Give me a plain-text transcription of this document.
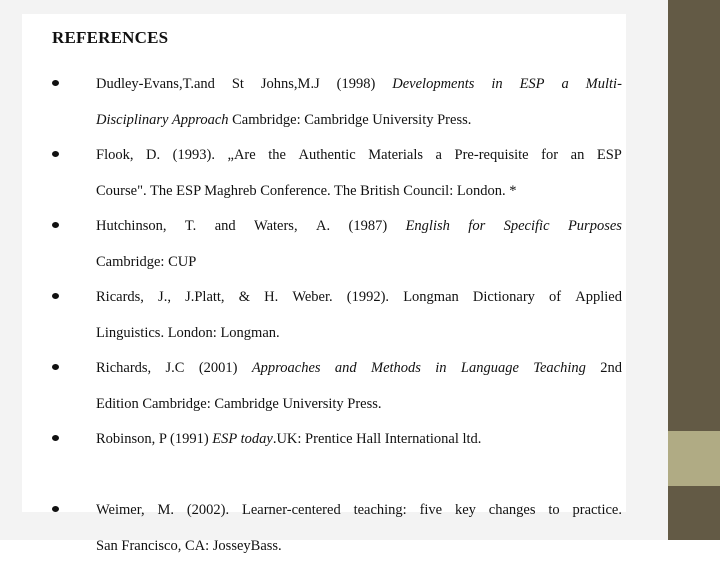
REFERENCES
Dudley-Evans,T.and St Johns,M.J (1998) Developments in ESP a Multi-
Disciplinary Approach Cambridge: Cambridge University Press.
Flook, D. (1993). „Are the Authentic Materials a Pre-requisite for an ESP
Course". The ESP Maghreb Conference. The British Council: London. *
Hutchinson, T. and Waters, A. (1987) English for Specific Purposes
Cambridge: CUP
Ricards, J., J.Platt, & H. Weber. (1992). Longman Dictionary of Applied
Linguistics. London: Longman.
Richards, J.C (2001) Approaches and Methods in Language Teaching 2nd
Edition Cambridge: Cambridge University Press.
Robinson, P (1991) ESP today.UK: Prentice Hall International ltd.
Weimer, M. (2002). Learner-centered teaching: five key changes to practice.
San Francisco, CA: JosseyBass.
